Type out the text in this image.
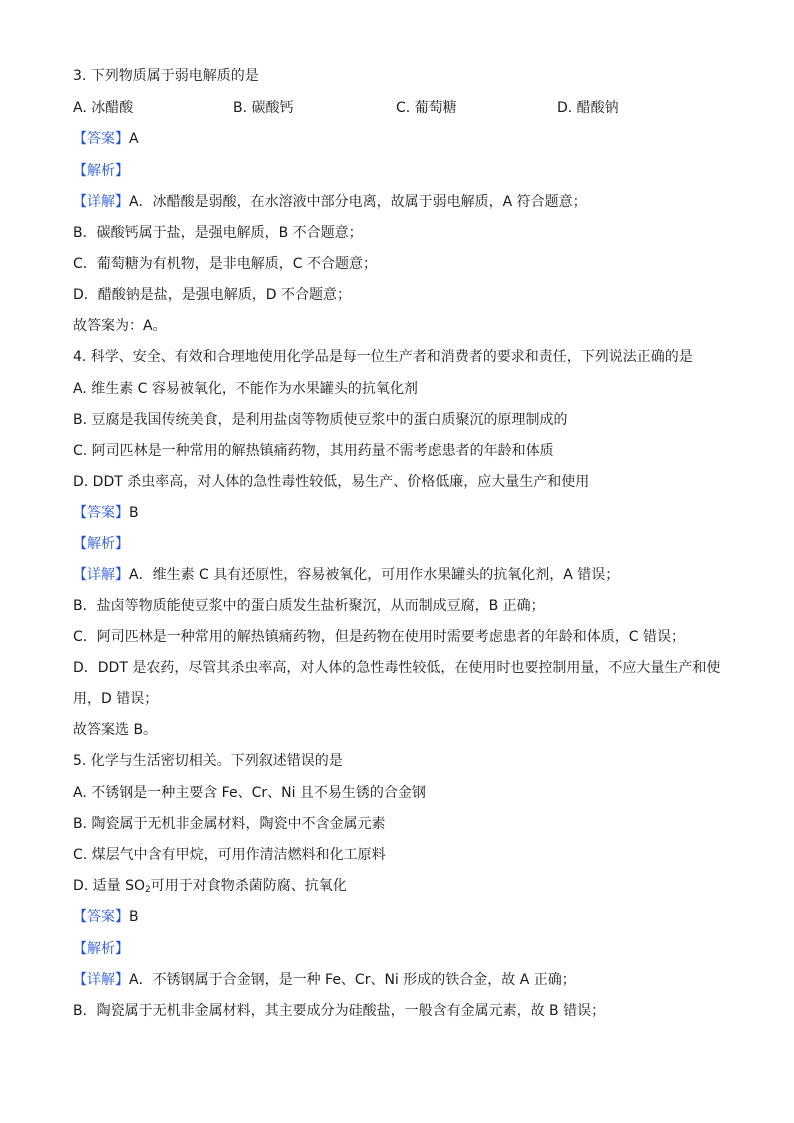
3. 下列物质属于弱电解质的是
A. 冰醋酸	B. 碳酸钙	C. 葡萄糖	D. 醋酸钠
【答案】A
【解析】
【详解】A．冰醋酸是弱酸，在水溶液中部分电离，故属于弱电解质，A 符合题意；
B．碳酸钙属于盐，是强电解质，B 不合题意；
C．葡萄糖为有机物，是非电解质，C 不合题意；
D．醋酸钠是盐，是强电解质，D 不合题意；
故答案为：A。
4. 科学、安全、有效和合理地使用化学品是每一位生产者和消费者的要求和责任，下列说法正确的是
A. 维生素 C 容易被氧化，不能作为水果罐头的抗氧化剂
B. 豆腐是我国传统美食，是利用盐卤等物质使豆浆中的蛋白质聚沉的原理制成的
C. 阿司匹林是一种常用的解热镇痛药物，其用药量不需考虑患者的年龄和体质
D. DDT 杀虫率高，对人体的急性毒性较低，易生产、价格低廉，应大量生产和使用
【答案】B
【解析】
【详解】A．维生素 C 具有还原性，容易被氧化，可用作水果罐头的抗氧化剂，A 错误；
B．盐卤等物质能使豆浆中的蛋白质发生盐析聚沉，从而制成豆腐，B 正确；
C．阿司匹林是一种常用的解热镇痛药物，但是药物在使用时需要考虑患者的年龄和体质，C 错误；
D．DDT 是农药，尽管其杀虫率高，对人体的急性毒性较低，在使用时也要控制用量，不应大量生产和使
用，D 错误；
故答案选 B。
5. 化学与生活密切相关。下列叙述错误的是
A. 不锈钢是一种主要含 Fe、Cr、Ni 且不易生锈的合金钢
B. 陶瓷属于无机非金属材料，陶瓷中不含金属元素
C. 煤层气中含有甲烷，可用作清洁燃料和化工原料
D. 适量 $SO_2$可用于对食物杀菌防腐、抗氧化
【答案】B
【解析】
【详解】A．不锈钢属于合金钢，是一种 Fe、Cr、Ni 形成的铁合金，故 A 正确；
B．陶瓷属于无机非金属材料，其主要成分为硅酸盐，一般含有金属元素，故 B 错误；
